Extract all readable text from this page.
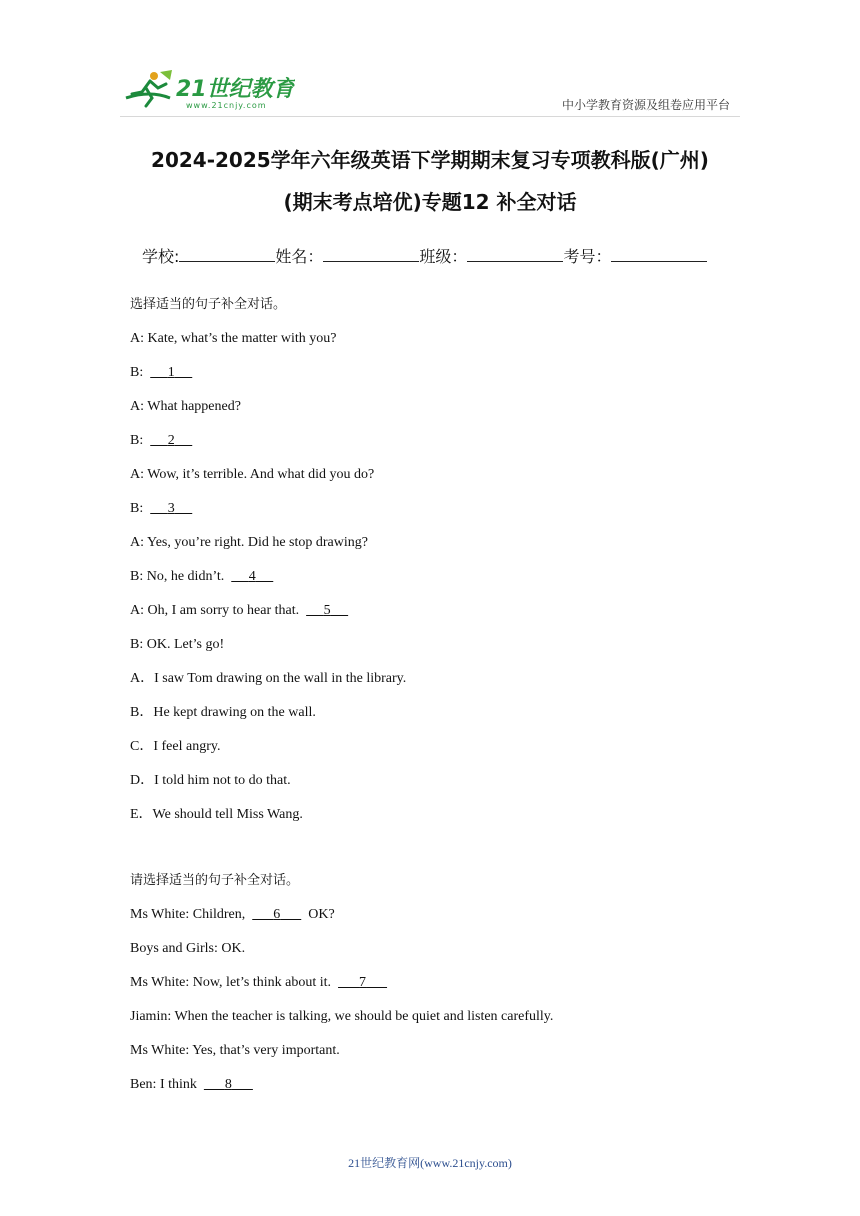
21世纪教育
www.21cnjy.com	中小学教育资源及组卷应用平台
2024-2025学年六年级英语下学期期末复习专项教科版(广州)
(期末考点培优)专题12 补全对话
学校:	姓名：	班级：	考号：
选择适当的句子补全对话。
A: Kate, what’s the matter with you?
B:       1
A: What happened?
B:       2
A: Wow, it’s terrible. And what did you do?
B:       3
A: Yes, you’re right. Did he stop drawing?
B: No, he didn’t.       4
A: Oh, I am sorry to hear that.       5
B: OK. Let’s go!
A．I saw Tom drawing on the wall in the library.
B．He kept drawing on the wall.
C．I feel angry.
D．I told him not to do that.
E．We should tell Miss Wang.
请选择适当的句子补全对话。
Ms White: Children,        6        OK?
Boys and Girls: OK.
Ms White: Now, let’s think about it.        7
Jiamin: When the teacher is talking, we should be quiet and listen carefully.
Ms White: Yes, that’s very important.
Ben: I think        8
21世纪教育网(www.21cnjy.com)
